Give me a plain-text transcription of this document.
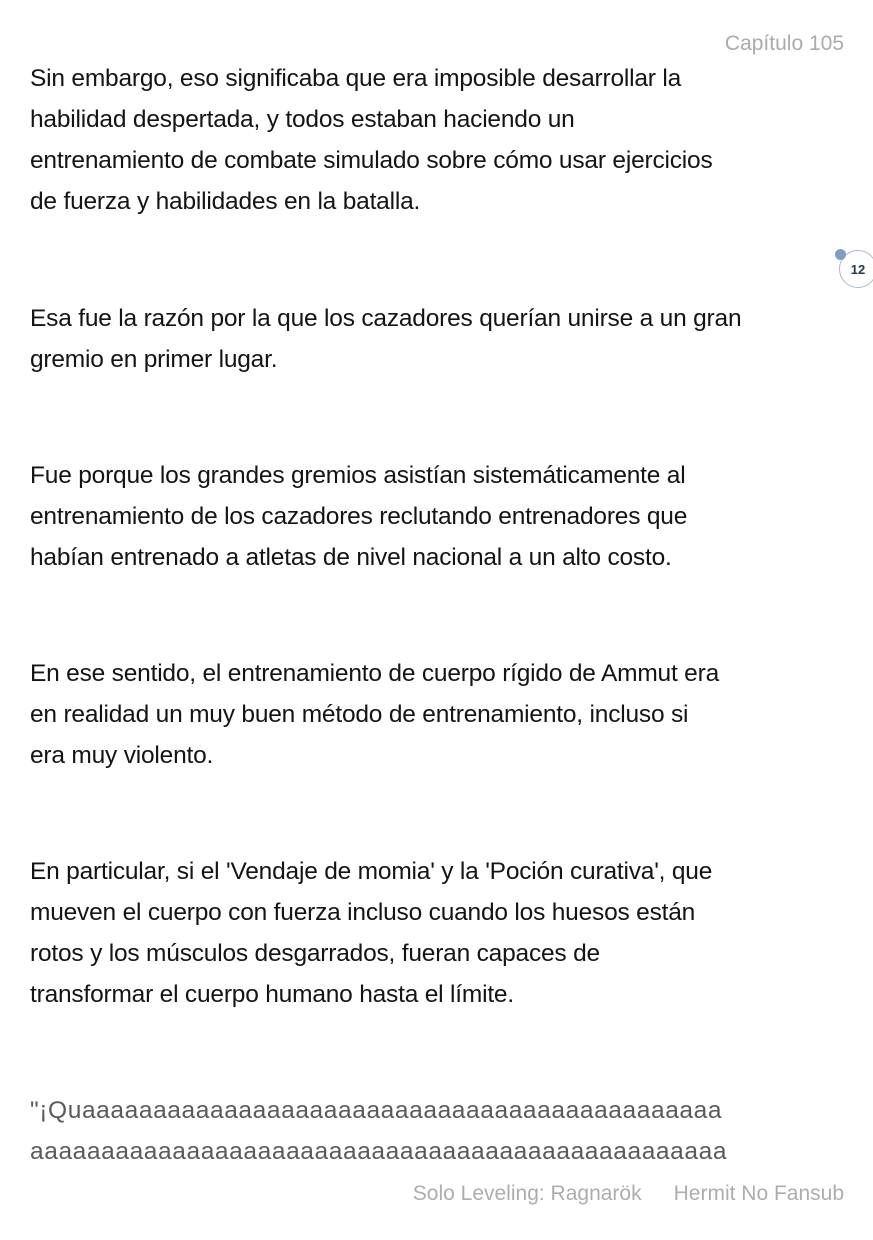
Capítulo 105
Sin embargo, eso significaba que era imposible desarrollar la
habilidad despertada, y todos estaban haciendo un
entrenamiento de combate simulado sobre cómo usar ejercicios
de fuerza y habilidades en la batalla.
12
Esa fue la razón por la que los cazadores querían unirse a un gran
gremio en primer lugar.
Fue porque los grandes gremios asistían sistemáticamente al
entrenamiento de los cazadores reclutando entrenadores que
habían entrenado a atletas de nivel nacional a un alto costo.
En ese sentido, el entrenamiento de cuerpo rígido de Ammut era
en realidad un muy buen método de entrenamiento, incluso si
era muy violento.
En particular, si el 'Vendaje de momia' y la 'Poción curativa', que
mueven el cuerpo con fuerza incluso cuando los huesos están
rotos y los músculos desgarrados, fueran capaces de
transformar el cuerpo humano hasta el límite.
"¡Quaaaaaaaaaaaaaaaaaaaaaaaaaaaaaaaaaaaaaaaaaaaaa
aaaaaaaaaaaaaaaaaaaaaaaaaaaaaaaaaaaaaaaaaaaaaaaaa
Solo Leveling: Ragnarök Hermit No Fansub
